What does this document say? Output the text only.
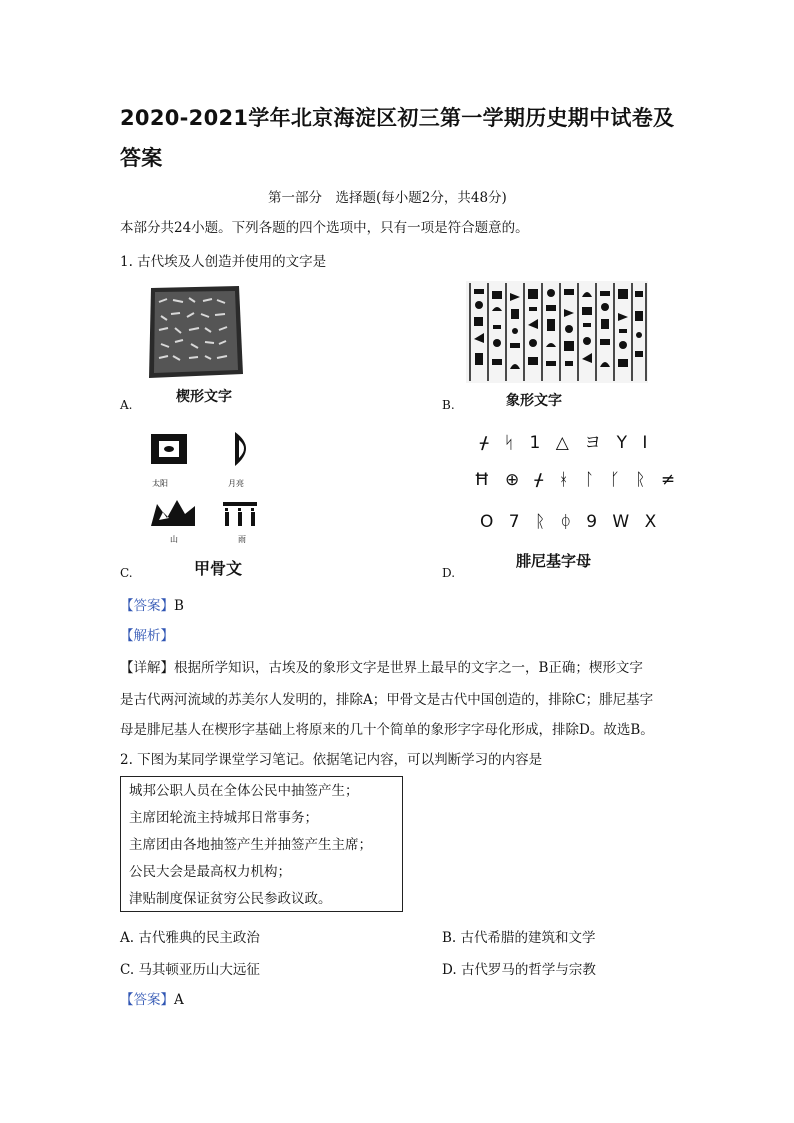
2020-2021学年北京海淀区初三第一学期历史期中试卷及答案
第一部分　选择题(每小题2分，共48分)
本部分共24小题。下列各题的四个选项中，只有一项是符合题意的。
1. 古代埃及人创造并使用的文字是
楔形文字
A.	象形文字
B.
太阳	月亮
山	雨
甲骨文
C.
ᚋ ᛋ 1 △ ヨ Y I
Ħ ⊕ ᚋ ᚼ ᛚ ᚴ ᚱ ≠
O 7 ᚱ ᛰ 9 W X
腓尼基字母
D.
【答案】B
【解析】
【详解】根据所学知识，古埃及的象形文字是世界上最早的文字之一，B正确；楔形文字
是古代两河流域的苏美尔人发明的，排除A；甲骨文是古代中国创造的，排除C；腓尼基字
母是腓尼基人在楔形字基础上将原来的几十个简单的象形字字母化形成，排除D。故选B。
2. 下图为某同学课堂学习笔记。依据笔记内容，可以判断学习的内容是
城邦公职人员在全体公民中抽签产生；
主席团轮流主持城邦日常事务；
主席团由各地抽签产生并抽签产生主席；
公民大会是最高权力机构；
津贴制度保证贫穷公民参政议政。
A. 古代雅典的民主政治	B. 古代希腊的建筑和文学
C. 马其顿亚历山大远征	D. 古代罗马的哲学与宗教
【答案】A
